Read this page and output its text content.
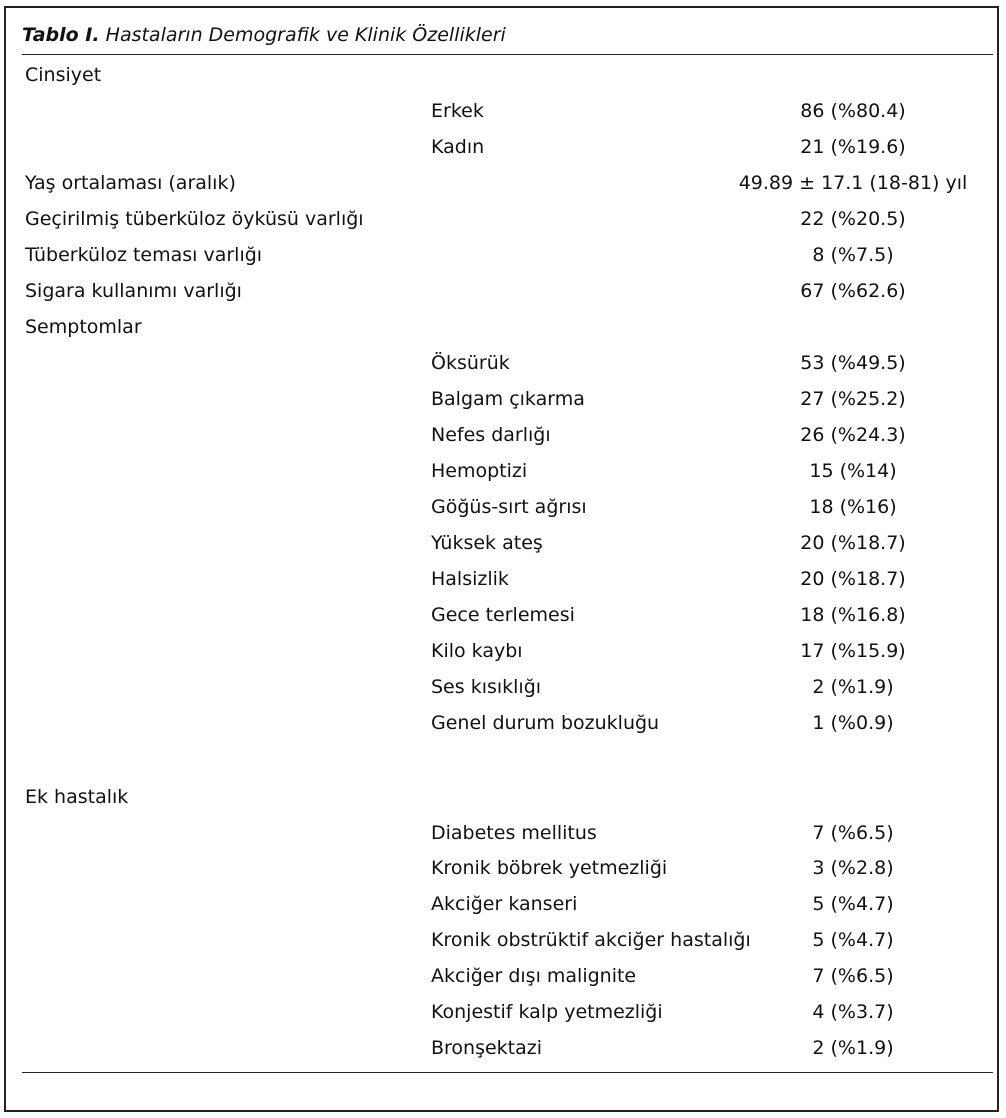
Tablo I. Hastaların Demografik ve Klinik Özellikleri
Cinsiyet
Erkek	86 (%80.4)
Kadın	21 (%19.6)
Yaş ortalaması (aralık)	49.89 ± 17.1 (18-81) yıl
Geçirilmiş tüberküloz öyküsü varlığı	22 (%20.5)
Tüberküloz teması varlığı	8 (%7.5)
Sigara kullanımı varlığı	67 (%62.6)
Semptomlar
Öksürük	53 (%49.5)
Balgam çıkarma	27 (%25.2)
Nefes darlığı	26 (%24.3)
Hemoptizi	15 (%14)
Göğüs-sırt ağrısı	18 (%16)
Yüksek ateş	20 (%18.7)
Halsizlik	20 (%18.7)
Gece terlemesi	18 (%16.8)
Kilo kaybı	17 (%15.9)
Ses kısıklığı	2 (%1.9)
Genel durum bozukluğu	1 (%0.9)
Ek hastalık
Diabetes mellitus	7 (%6.5)
Kronik böbrek yetmezliği	3 (%2.8)
Akciğer kanseri	5 (%4.7)
Kronik obstrüktif akciğer hastalığı	5 (%4.7)
Akciğer dışı malignite	7 (%6.5)
Konjestif kalp yetmezliği	4 (%3.7)
Bronşektazi	2 (%1.9)
